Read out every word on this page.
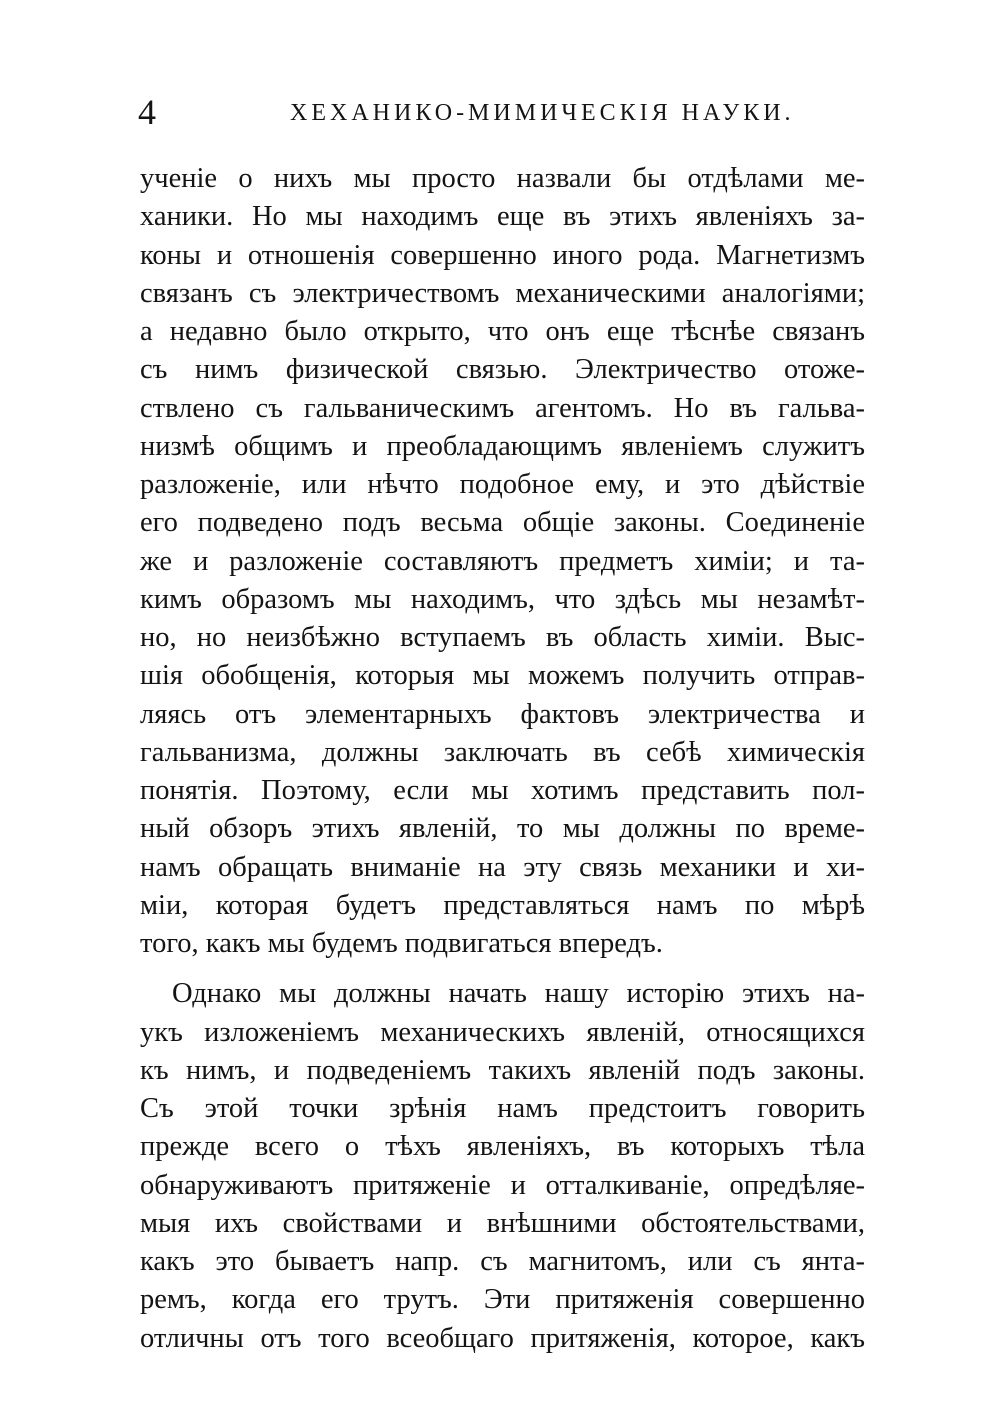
4	ХЕХАНИКО-МИМИЧЕСКІЯ НАУКИ.
ученіе о нихъ мы просто назвали бы отдѣлами ме-
ханики. Но мы находимъ еще въ этихъ явленіяхъ за-
коны и отношенія совершенно иного рода. Магнетизмъ
связанъ съ электричествомъ механическими аналогіями;
а недавно было открыто, что онъ еще тѣснѣе связанъ
съ нимъ физической связью. Электричество отоже-
ствлено съ гальваническимъ агентомъ. Но въ гальва-
низмѣ общимъ и преобладающимъ явленіемъ служитъ
разложеніе, или нѣчто подобное ему, и это дѣйствіе
его подведено подъ весьма общіе законы. Соединеніе
же и разложеніе составляютъ предметъ химіи; и та-
кимъ образомъ мы находимъ, что здѣсь мы незамѣт-
но, но неизбѣжно вступаемъ въ область химіи. Выс-
шія обобщенія, которыя мы можемъ получить отправ-
ляясь отъ элементарныхъ фактовъ электричества и
гальванизма, должны заключать въ себѣ химическія
понятія. Поэтому, если мы хотимъ представить пол-
ный обзоръ этихъ явленій, то мы должны по време-
намъ обращать вниманіе на эту связь механики и хи-
міи, которая будетъ представляться намъ по мѣрѣ
того, какъ мы будемъ подвигаться впередъ.
Однако мы должны начать нашу исторію этихъ на-
укъ изложеніемъ механическихъ явленій, относящихся
къ нимъ, и подведеніемъ такихъ явленій подъ законы.
Съ этой точки зрѣнія намъ предстоитъ говорить
прежде всего о тѣхъ явленіяхъ, въ которыхъ тѣла
обнаруживаютъ притяженіе и отталкиваніе, опредѣляе-
мыя ихъ свойствами и внѣшними обстоятельствами,
какъ это бываетъ напр. съ магнитомъ, или съ янта-
ремъ, когда его трутъ. Эти притяженія совершенно
отличны отъ того всеобщаго притяженія, которое, какъ
